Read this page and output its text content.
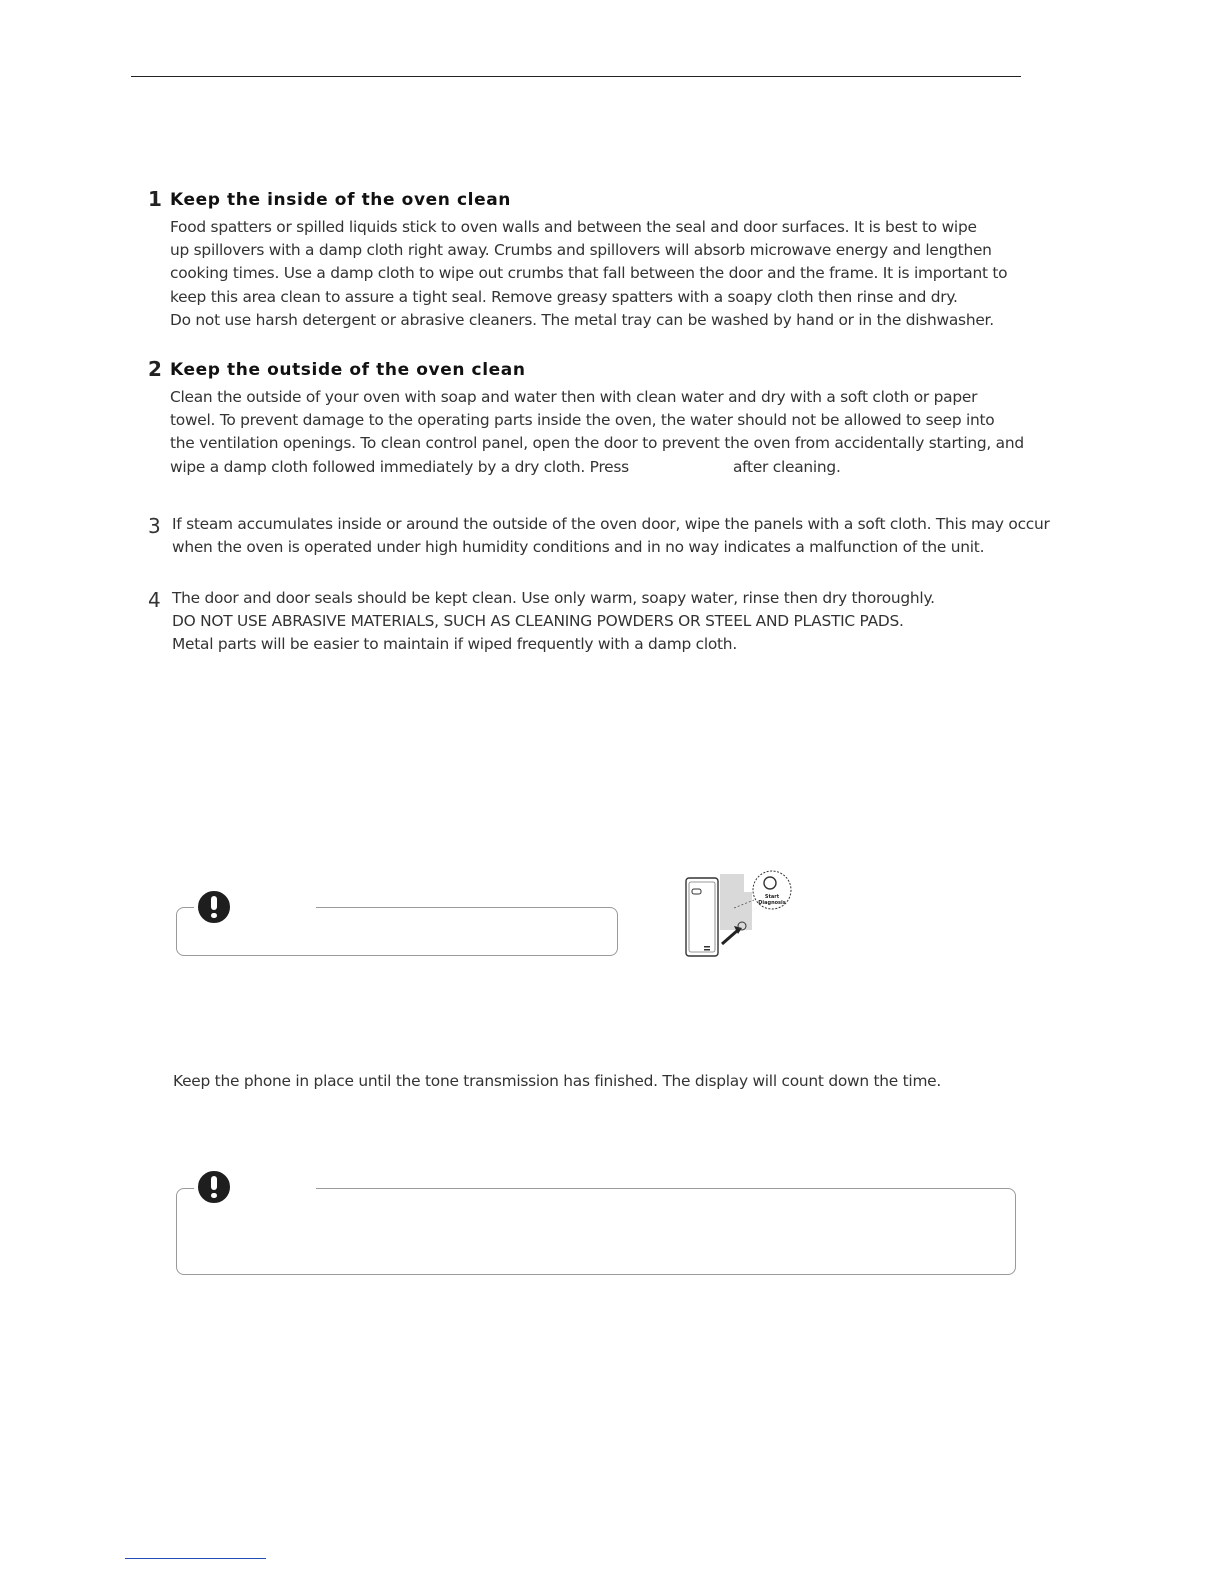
1 Keep the inside of the oven clean
Food spatters or spilled liquids stick to oven walls and between the seal and door surfaces. It is best to wipe
up spillovers with a damp cloth right away. Crumbs and spillovers will absorb microwave energy and lengthen
cooking times. Use a damp cloth to wipe out crumbs that fall between the door and the frame. It is important to
keep this area clean to assure a tight seal. Remove greasy spatters with a soapy cloth then rinse and dry.
Do not use harsh detergent or abrasive cleaners. The metal tray can be washed by hand or in the dishwasher.
2 Keep the outside of the oven clean
Clean the outside of your oven with soap and water then with clean water and dry with a soft cloth or paper
towel. To prevent damage to the operating parts inside the oven, the water should not be allowed to seep into
the ventilation openings. To clean control panel, open the door to prevent the oven from accidentally starting, and
wipe a damp cloth followed immediately by a dry cloth. Press	after cleaning.
3 If steam accumulates inside or around the outside of the oven door, wipe the panels with a soft cloth. This may occur
when the oven is operated under high humidity conditions and in no way indicates a malfunction of the unit.
4 The door and door seals should be kept clean. Use only warm, soapy water, rinse then dry thoroughly.
DO NOT USE ABRASIVE MATERIALS, SUCH AS CLEANING POWDERS OR STEEL AND PLASTIC PADS.
Metal parts will be easier to maintain if wiped frequently with a damp cloth.
Start
Diagnosis
Keep the phone in place until the tone transmission has finished. The display will count down the time.
